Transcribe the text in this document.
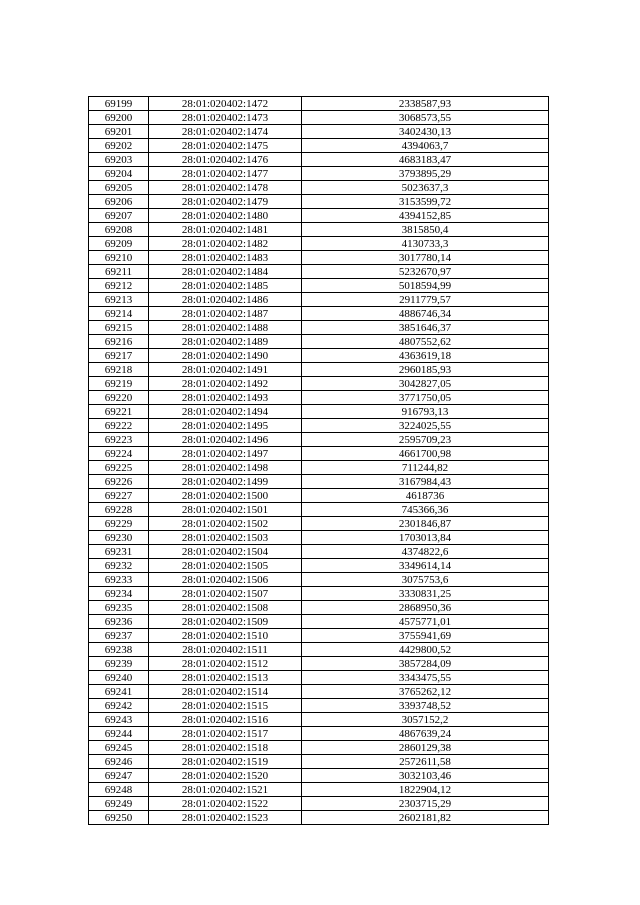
69199	28:01:020402:1472	2338587,93
69200	28:01:020402:1473	3068573,55
69201	28:01:020402:1474	3402430,13
69202	28:01:020402:1475	4394063,7
69203	28:01:020402:1476	4683183,47
69204	28:01:020402:1477	3793895,29
69205	28:01:020402:1478	5023637,3
69206	28:01:020402:1479	3153599,72
69207	28:01:020402:1480	4394152,85
69208	28:01:020402:1481	3815850,4
69209	28:01:020402:1482	4130733,3
69210	28:01:020402:1483	3017780,14
69211	28:01:020402:1484	5232670,97
69212	28:01:020402:1485	5018594,99
69213	28:01:020402:1486	2911779,57
69214	28:01:020402:1487	4886746,34
69215	28:01:020402:1488	3851646,37
69216	28:01:020402:1489	4807552,62
69217	28:01:020402:1490	4363619,18
69218	28:01:020402:1491	2960185,93
69219	28:01:020402:1492	3042827,05
69220	28:01:020402:1493	3771750,05
69221	28:01:020402:1494	916793,13
69222	28:01:020402:1495	3224025,55
69223	28:01:020402:1496	2595709,23
69224	28:01:020402:1497	4661700,98
69225	28:01:020402:1498	711244,82
69226	28:01:020402:1499	3167984,43
69227	28:01:020402:1500	4618736
69228	28:01:020402:1501	745366,36
69229	28:01:020402:1502	2301846,87
69230	28:01:020402:1503	1703013,84
69231	28:01:020402:1504	4374822,6
69232	28:01:020402:1505	3349614,14
69233	28:01:020402:1506	3075753,6
69234	28:01:020402:1507	3330831,25
69235	28:01:020402:1508	2868950,36
69236	28:01:020402:1509	4575771,01
69237	28:01:020402:1510	3755941,69
69238	28:01:020402:1511	4429800,52
69239	28:01:020402:1512	3857284,09
69240	28:01:020402:1513	3343475,55
69241	28:01:020402:1514	3765262,12
69242	28:01:020402:1515	3393748,52
69243	28:01:020402:1516	3057152,2
69244	28:01:020402:1517	4867639,24
69245	28:01:020402:1518	2860129,38
69246	28:01:020402:1519	2572611,58
69247	28:01:020402:1520	3032103,46
69248	28:01:020402:1521	1822904,12
69249	28:01:020402:1522	2303715,29
69250	28:01:020402:1523	2602181,82
